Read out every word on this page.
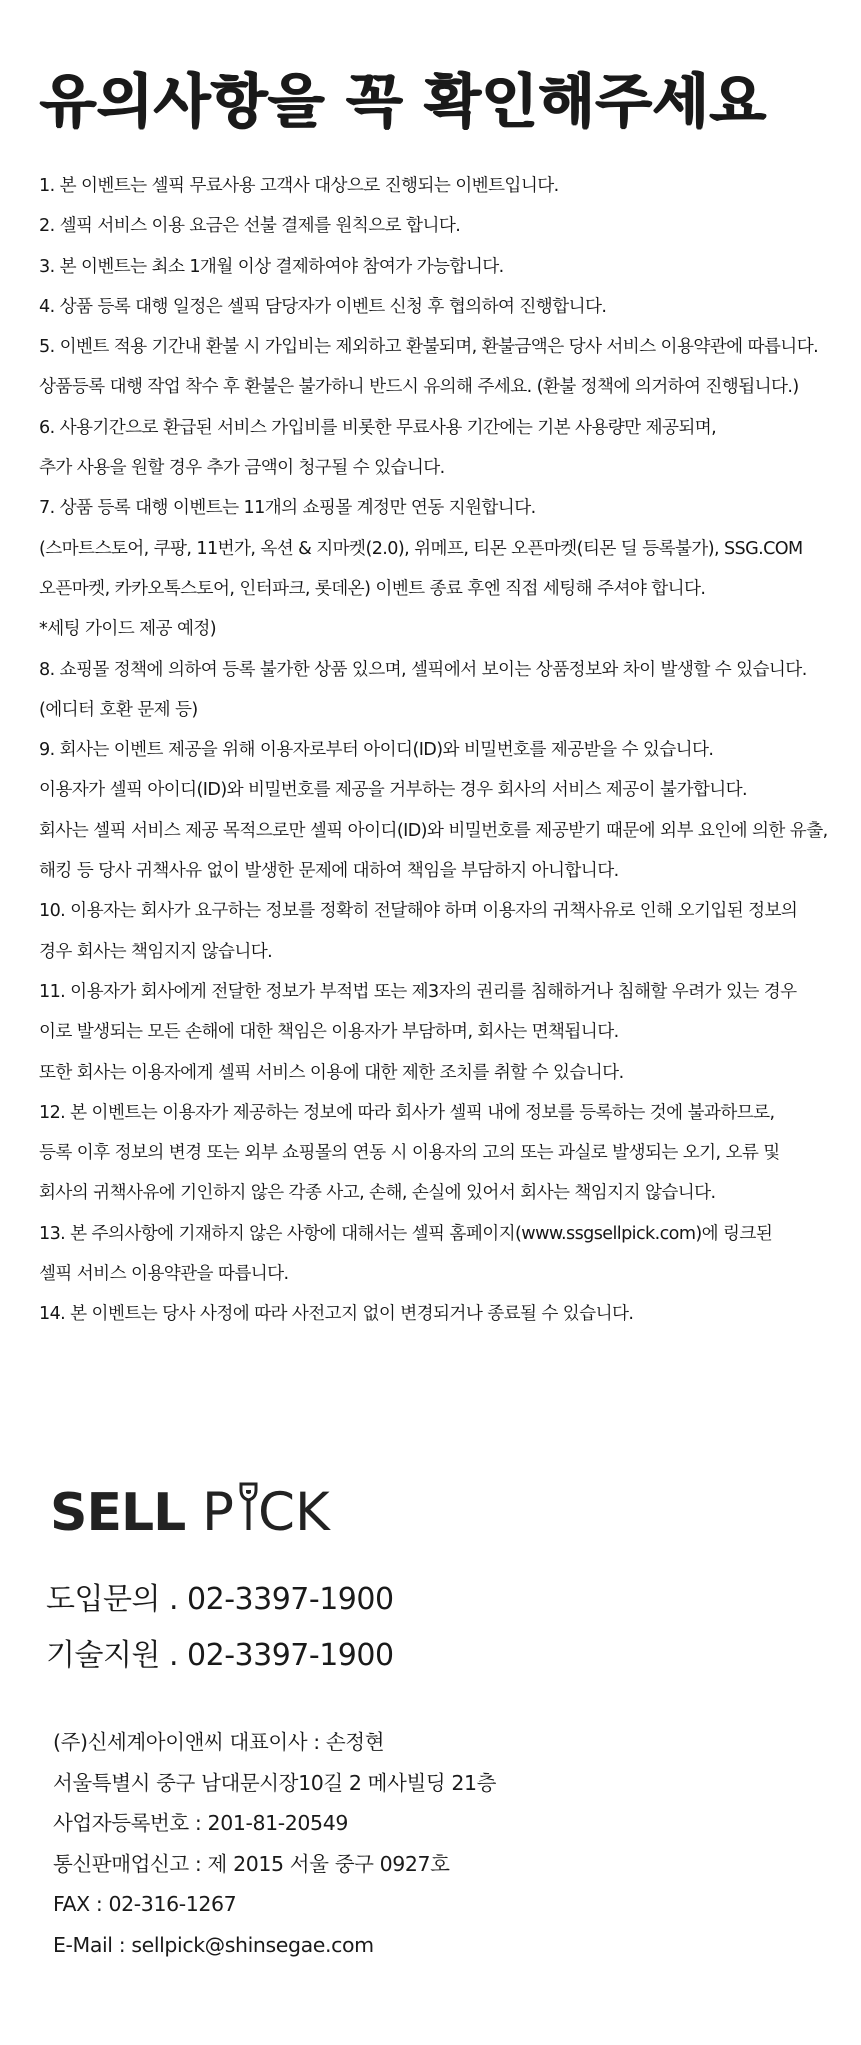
유의사항을 꼭 확인해주세요
1. 본 이벤트는 셀픽 무료사용 고객사 대상으로 진행되는 이벤트입니다.
2. 셀픽 서비스 이용 요금은 선불 결제를 원칙으로 합니다.
3. 본 이벤트는 최소 1개월 이상 결제하여야 참여가 가능합니다.
4. 상품 등록 대행 일정은 셀픽 담당자가 이벤트 신청 후 협의하여 진행합니다.
5. 이벤트 적용 기간내 환불 시 가입비는 제외하고 환불되며, 환불금액은 당사 서비스 이용약관에 따릅니다.
상품등록 대행 작업 착수 후 환불은 불가하니 반드시 유의해 주세요. (환불 정책에 의거하여 진행됩니다.)
6. 사용기간으로 환급된 서비스 가입비를 비롯한 무료사용 기간에는 기본 사용량만 제공되며,
추가 사용을 원할 경우 추가 금액이 청구될 수 있습니다.
7. 상품 등록 대행 이벤트는 11개의 쇼핑몰 계정만 연동 지원합니다.
(스마트스토어, 쿠팡, 11번가, 옥션 & 지마켓(2.0), 위메프, 티몬 오픈마켓(티몬 딜 등록불가), SSG.COM
오픈마켓, 카카오톡스토어, 인터파크, 롯데온) 이벤트 종료 후엔 직접 세팅해 주셔야 합니다.
*세팅 가이드 제공 예정)
8. 쇼핑몰 정책에 의하여 등록 불가한 상품 있으며, 셀픽에서 보이는 상품정보와 차이 발생할 수 있습니다.
(에디터 호환 문제 등)
9. 회사는 이벤트 제공을 위해 이용자로부터 아이디(ID)와 비밀번호를 제공받을 수 있습니다.
이용자가 셀픽 아이디(ID)와 비밀번호를 제공을 거부하는 경우 회사의 서비스 제공이 불가합니다.
회사는 셀픽 서비스 제공 목적으로만 셀픽 아이디(ID)와 비밀번호를 제공받기 때문에 외부 요인에 의한 유출,
해킹 등 당사 귀책사유 없이 발생한 문제에 대하여 책임을 부담하지 아니합니다.
10. 이용자는 회사가 요구하는 정보를 정확히 전달해야 하며 이용자의 귀책사유로 인해 오기입된 정보의
경우 회사는 책임지지 않습니다.
11. 이용자가 회사에게 전달한 정보가 부적법 또는 제3자의 권리를 침해하거나 침해할 우려가 있는 경우
이로 발생되는 모든 손해에 대한 책임은 이용자가 부담하며, 회사는 면책됩니다.
또한 회사는 이용자에게 셀픽 서비스 이용에 대한 제한 조치를 취할 수 있습니다.
12. 본 이벤트는 이용자가 제공하는 정보에 따라 회사가 셀픽 내에 정보를 등록하는 것에 불과하므로,
등록 이후 정보의 변경 또는 외부 쇼핑몰의 연동 시 이용자의 고의 또는 과실로 발생되는 오기, 오류 및
회사의 귀책사유에 기인하지 않은 각종 사고, 손해, 손실에 있어서 회사는 책임지지 않습니다.
13. 본 주의사항에 기재하지 않은 사항에 대해서는 셀픽 홈페이지(www.ssgsellpick.com)에 링크된
셀픽 서비스 이용약관을 따릅니다.
14. 본 이벤트는 당사 사정에 따라 사전고지 없이 변경되거나 종료될 수 있습니다.
SELL P CK
도입문의 . 02-3397-1900
기술지원 . 02-3397-1900
(주)신세계아이앤씨 대표이사 : 손정현
서울특별시 중구 남대문시장10길 2 메사빌딩 21층
사업자등록번호 : 201-81-20549
통신판매업신고 : 제 2015 서울 중구 0927호
FAX : 02-316-1267
E-Mail : sellpick@shinsegae.com
